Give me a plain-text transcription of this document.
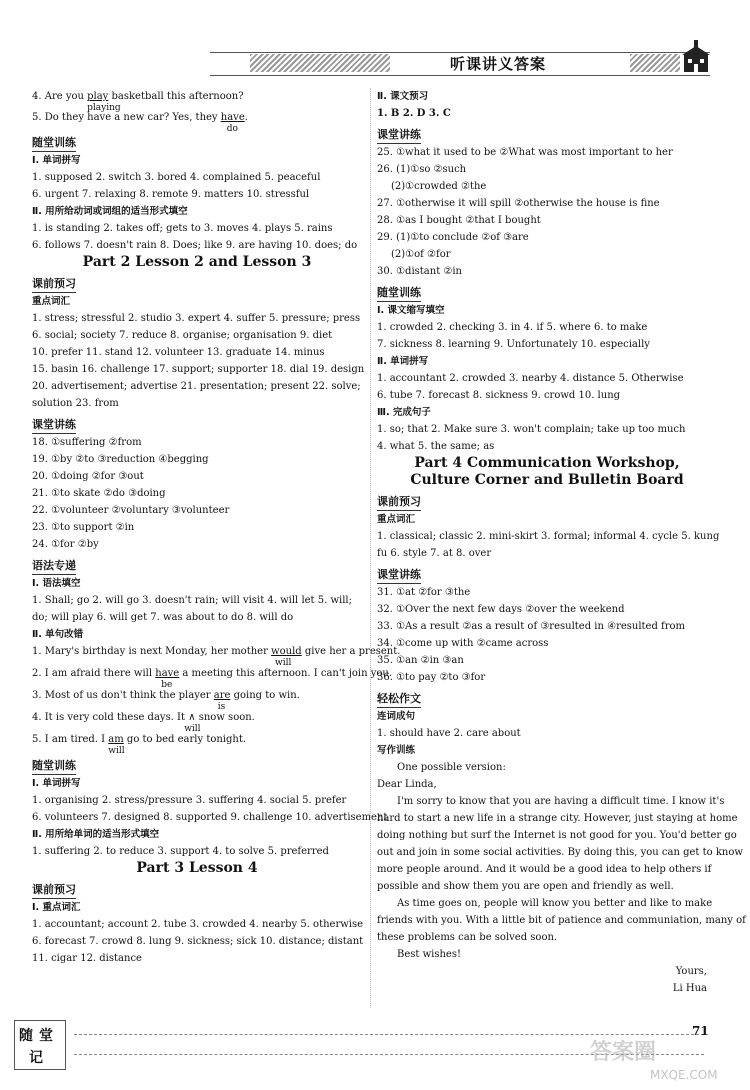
听课讲义答案

4. Are you play
playing
basketball this afternoon?

5. Do they have a new car? Yes, they have
do
.

随堂训练

Ⅰ. 单词拼写

1. supposed 2. switch 3. bored 4. complained 5. peaceful

6. urgent 7. relaxing 8. remote 9. matters 10. stressful

Ⅱ. 用所给动词或词组的适当形式填空

1. is standing 2. takes off; gets to 3. moves 4. plays 5. rains

6. follows 7. doesn't rain 8. Does; like 9. are having 10. does; do

Part 2 Lesson 2 and Lesson 3

课前预习

重点词汇

1. stress; stressful 2. studio 3. expert 4. suffer 5. pressure; press

6. social; society 7. reduce 8. organise; organisation 9. diet

10. prefer 11. stand 12. volunteer 13. graduate 14. minus

15. basin 16. challenge 17. support; supporter 18. dial 19. design

20. advertisement; advertise 21. presentation; present 22. solve;

solution 23. from

课堂讲练

18. ①suffering ②from

19. ①by ②to ③reduction ④begging

20. ①doing ②for ③out

21. ①to skate ②do ③doing

22. ①volunteer ②voluntary ③volunteer

23. ①to support ②in

24. ①for ②by

语法专递

Ⅰ. 语法填空

1. Shall; go 2. will go 3. doesn't rain; will visit 4. will let 5. will;

do; will play 6. will get 7. was about to do 8. will do

Ⅱ. 单句改错

1. Mary's birthday is next Monday, her mother would
will
give her a present.

2. I am afraid there will have
be
a meeting this afternoon. I can't join you.

3. Most of us don't think the player are
is
going to win.

4. It is very cold these days. It ∧
will
snow soon.

5. I am tired. I am
will
go to bed early tonight.

随堂训练

Ⅰ. 单词拼写

1. organising 2. stress/pressure 3. suffering 4. social 5. prefer

6. volunteers 7. designed 8. supported 9. challenge 10. advertisement

Ⅱ. 用所给单词的适当形式填空

1. suffering 2. to reduce 3. support 4. to solve 5. preferred

Part 3 Lesson 4

课前预习

Ⅰ. 重点词汇

1. accountant; account 2. tube 3. crowded 4. nearby 5. otherwise

6. forecast 7. crowd 8. lung 9. sickness; sick 10. distance; distant

11. cigar 12. distance

Ⅱ. 课文预习

1. B 2. D 3. C

课堂讲练

25. ①what it used to be ②What was most important to her

26. (1)①so ②such

(2)①crowded ②the

27. ①otherwise it will spill ②otherwise the house is fine

28. ①as I bought ②that I bought

29. (1)①to conclude ②of ③are

(2)①of ②for

30. ①distant ②in

随堂训练

Ⅰ. 课文缩写填空

1. crowded 2. checking 3. in 4. if 5. where 6. to make

7. sickness 8. learning 9. Unfortunately 10. especially

Ⅱ. 单词拼写

1. accountant 2. crowded 3. nearby 4. distance 5. Otherwise

6. tube 7. forecast 8. sickness 9. crowd 10. lung

Ⅲ. 完成句子

1. so; that 2. Make sure 3. won't complain; take up too much

4. what 5. the same; as

Part 4 Communication Workshop,

Culture Corner and Bulletin Board

课前预习

重点词汇

1. classical; classic 2. mini-skirt 3. formal; informal 4. cycle 5. kung

fu 6. style 7. at 8. over

课堂讲练

31. ①at ②for ③the

32. ①Over the next few days ②over the weekend

33. ①As a result ②as a result of ③resulted in ④resulted from

34. ①come up with ②came across

35. ①an ②in ③an

36. ①to pay ②to ③for

轻松作文

连词成句

1. should have 2. care about

写作训练

One possible version:

Dear Linda,

I'm sorry to know that you are having a difficult time. I know it's

hard to start a new life in a strange city. However, just staying at home

doing nothing but surf the Internet is not good for you. You'd better go

out and join in some social activities. By doing this, you can get to know

more people around. And it would be a good idea to help others if

possible and show them you are open and friendly as well.

As time goes on, people will know you better and like to make

friends with you. With a little bit of patience and communiation, many of

these problems can be solved soon.

Best wishes!

Yours,

Li Hua

随 堂
记
71
答案圈
MXQE.COM
